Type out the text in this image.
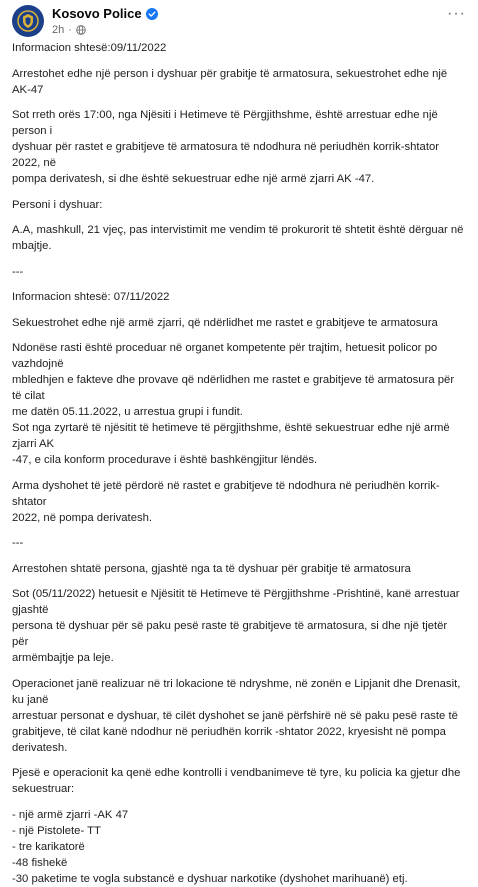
Kosovo Police
2h ·
···

Informacion shtesë:09/11/2022

Arrestohet edhe një person i dyshuar për grabitje të armatosura, sekuestrohet edhe një AK-47

Sot rreth orës 17:00, nga Njësiti i Hetimeve të Përgjithshme, është arrestuar edhe një person i
dyshuar për rastet e grabitjeve të armatosura të ndodhura në periudhën korrik-shtator 2022, në
pompa derivatesh, si dhe është sekuestruar edhe një armë zjarri AK -47.

Personi i dyshuar:

A.A, mashkull, 21 vjeç, pas intervistimit me vendim të prokurorit të shtetit është dërguar në
mbajtje.

---

Informacion shtesë: 07/11/2022

Sekuestrohet edhe një armë zjarri, që ndërlidhet me rastet e grabitjeve te armatosura

Ndonëse rasti është proceduar në organet kompetente për trajtim, hetuesit policor po vazhdojnë
mbledhjen e fakteve dhe provave që ndërlidhen me rastet e grabitjeve të armatosura për të cilat
me datën 05.11.2022, u arrestua grupi i fundit.
Sot nga zyrtarë të njësitit të hetimeve të përgjithshme, është sekuestruar edhe një armë zjarri AK
-47, e cila konform procedurave i është bashkëngjitur lëndës.

Arma dyshohet të jetë përdorë në rastet e grabitjeve të ndodhura në periudhën korrik-shtator
2022, në pompa derivatesh.

---

Arrestohen shtatë persona, gjashtë nga ta të dyshuar për grabitje të armatosura

Sot (05/11/2022) hetuesit e Njësitit të Hetimeve të Përgjithshme -Prishtinë, kanë arrestuar gjashtë
persona të dyshuar për së paku pesë raste të grabitjeve të armatosura, si dhe një tjetër për
armëmbajtje pa leje.

Operacionet janë realizuar në tri lokacione të ndryshme, në zonën e Lipjanit dhe Drenasit, ku janë
arrestuar personat e dyshuar, të cilët dyshohet se janë përfshirë në së paku pesë raste të
grabitjeve, të cilat kanë ndodhur në periudhën korrik -shtator 2022, kryesisht në pompa
derivatesh.

Pjesë e operacionit ka qenë edhe kontrolli i vendbanimeve të tyre, ku policia ka gjetur dhe
sekuestruar:

- një armë zjarri -AK 47
- një Pistolete- TT
- tre karikatorë
-48 fishekë
-30 paketime te vogla substancë e dyshuar narkotike (dyshohet marihuanë) etj.
